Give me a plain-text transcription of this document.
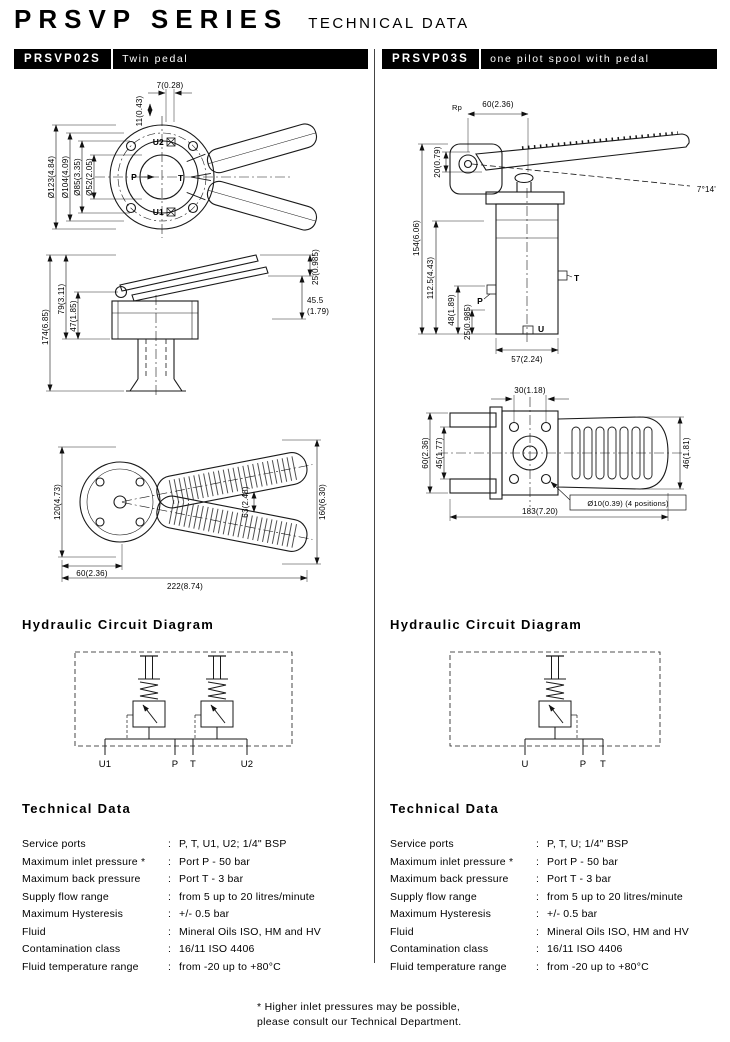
PRSVP SERIES TECHNICAL DATA
PRSVP02S	Twin pedal	PRSVP03S	one pilot spool with pedal
7(0.28)
11(0.43)
Ø123(4.84) Ø104(4.09) Ø85(3.35) Ø52(2.05)
U2
U1
P	T
174(6.85)
79(3.11)
47(1.85)
25(0.985)
45.5
(1.79)
120(4.73)	63(2.48)	160(6.30)
60(2.36)
222(8.74)
60(2.36)
Rp
20(0.79)
7°14'
154(6.06)
112.5(4.43)
48(1.89) 25(0.985)
57(2.24)
P
T
U
30(1.18)
60(2.36) 45(1.77)	46(1.81)
Ø10(0.39) (4 positions)
183(7.20)
Hydraulic Circuit Diagram	Hydraulic Circuit Diagram
U1	P T	U2	U	P T
Technical Data	Technical Data
Service ports	: P, T, U1, U2; 1/4" BSP
Maximum inlet pressure *	: Port P - 50 bar
Maximum back pressure	: Port T - 3 bar
Supply flow range	: from 5 up to 20 litres/minute
Maximum Hysteresis	: +/- 0.5 bar
Fluid	: Mineral Oils ISO, HM and HV
Contamination class	: 16/11 ISO 4406
Fluid temperature range	: from -20 up to +80°C
Service ports	: P, T, U; 1/4" BSP
Maximum inlet pressure *	: Port P - 50 bar
Maximum back pressure	: Port T - 3 bar
Supply flow range	: from 5 up to 20 litres/minute
Maximum Hysteresis	: +/- 0.5 bar
Fluid	: Mineral Oils ISO, HM and HV
Contamination class	: 16/11 ISO 4406
Fluid temperature range	: from -20 up to +80°C
* Higher inlet pressures may be possible,
please consult our Technical Department.
